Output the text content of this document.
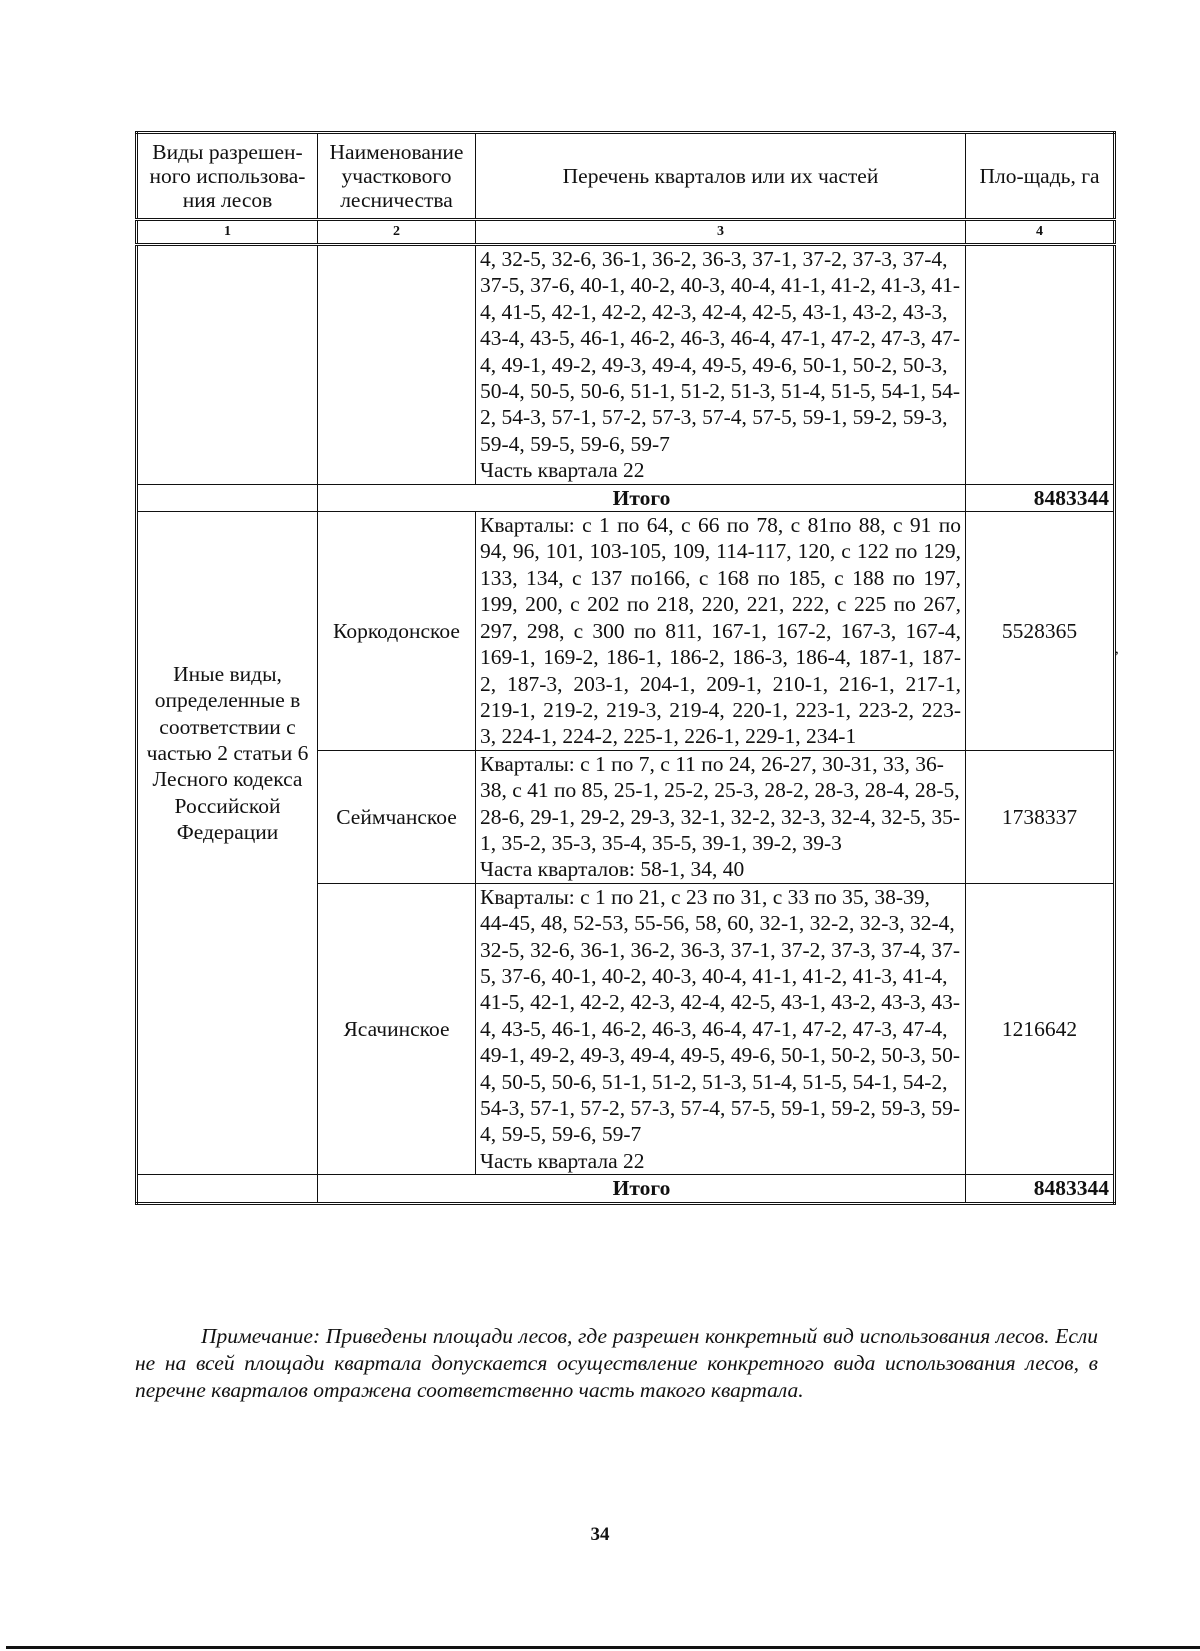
Виды разрешен-ного использова-ния лесов	Наименование участкового лесничества	Перечень кварталов или их частей	Пло-щадь, га
1	2	3	4

		4, 32-5, 32-6, 36-1, 36-2, 36-3, 37-1, 37-2, 37-3, 37-4, 37-5, 37-6, 40-1, 40-2, 40-3, 40-4, 41-1, 41-2, 41-3, 41-4, 41-5, 42-1, 42-2, 42-3, 42-4, 42-5, 43-1, 43-2, 43-3, 43-4, 43-5, 46-1, 46-2, 46-3, 46-4, 47-1, 47-2, 47-3, 47-4, 49-1, 49-2, 49-3, 49-4, 49-5, 49-6, 50-1, 50-2, 50-3, 50-4, 50-5, 50-6, 51-1, 51-2, 51-3, 51-4, 51-5, 54-1, 54-2, 54-3, 57-1, 57-2, 57-3, 57-4, 57-5, 59-1, 59-2, 59-3, 59-4, 59-5, 59-6, 59-7
Часть квартала 22	

	Итого		8483344
Иные виды, определенные в соответствии с частью 2 статьи 6 Лесного кодекса Российской Федерации	Коркодонское	Кварталы: с 1 по 64, с 66 по 78, с 81по 88, с 91 по 94, 96, 101, 103-105, 109, 114-117, 120, с 122 по 129, 133, 134, с 137 по166, с 168 по 185, с 188 по 197, 199, 200, с 202 по 218, 220, 221, 222, с 225 по 267, 297, 298, с 300 по 811, 167-1, 167-2, 167-3, 167-4, 169-1, 169-2, 186-1, 186-2, 186-3, 186-4, 187-1, 187-2, 187-3, 203-1, 204-1, 209-1, 210-1, 216-1, 217-1, 219-1, 219-2, 219-3, 219-4, 220-1, 223-1, 223-2, 223-3, 224-1, 224-2, 225-1, 226-1, 229-1, 234-1	5528365
	Сеймчанское	Кварталы: с 1 по 7, с 11 по 24, 26-27, 30-31, 33, 36-38, с 41 по 85, 25-1, 25-2, 25-3, 28-2, 28-3, 28-4, 28-5, 28-6, 29-1, 29-2, 29-3, 32-1, 32-2, 32-3, 32-4, 32-5, 35-1, 35-2, 35-3, 35-4, 35-5, 39-1, 39-2, 39-3
Часта кварталов: 58-1, 34, 40	1738337
	Ясачинское	Кварталы: с 1 по 21, с 23 по 31, с 33 по 35, 38-39, 44-45, 48, 52-53, 55-56, 58, 60, 32-1, 32-2, 32-3, 32-4, 32-5, 32-6, 36-1, 36-2, 36-3, 37-1, 37-2, 37-3, 37-4, 37-5, 37-6, 40-1, 40-2, 40-3, 40-4, 41-1, 41-2, 41-3, 41-4, 41-5, 42-1, 42-2, 42-3, 42-4, 42-5, 43-1, 43-2, 43-3, 43-4, 43-5, 46-1, 46-2, 46-3, 46-4, 47-1, 47-2, 47-3, 47-4, 49-1, 49-2, 49-3, 49-4, 49-5, 49-6, 50-1, 50-2, 50-3, 50-4, 50-5, 50-6, 51-1, 51-2, 51-3, 51-4, 51-5, 54-1, 54-2, 54-3, 57-1, 57-2, 57-3, 57-4, 57-5, 59-1, 59-2, 59-3, 59-4, 59-5, 59-6, 59-7
Часть квартала 22	1216642
	Итого		8483344
’

Примечание: Приведены площади лесов, где разрешен конкретный вид использования лесов. Если не на всей площади квартала допускается осуществление конкретного вида использования лесов, в перечне кварталов отражена соответственно часть такого квартала.

34
